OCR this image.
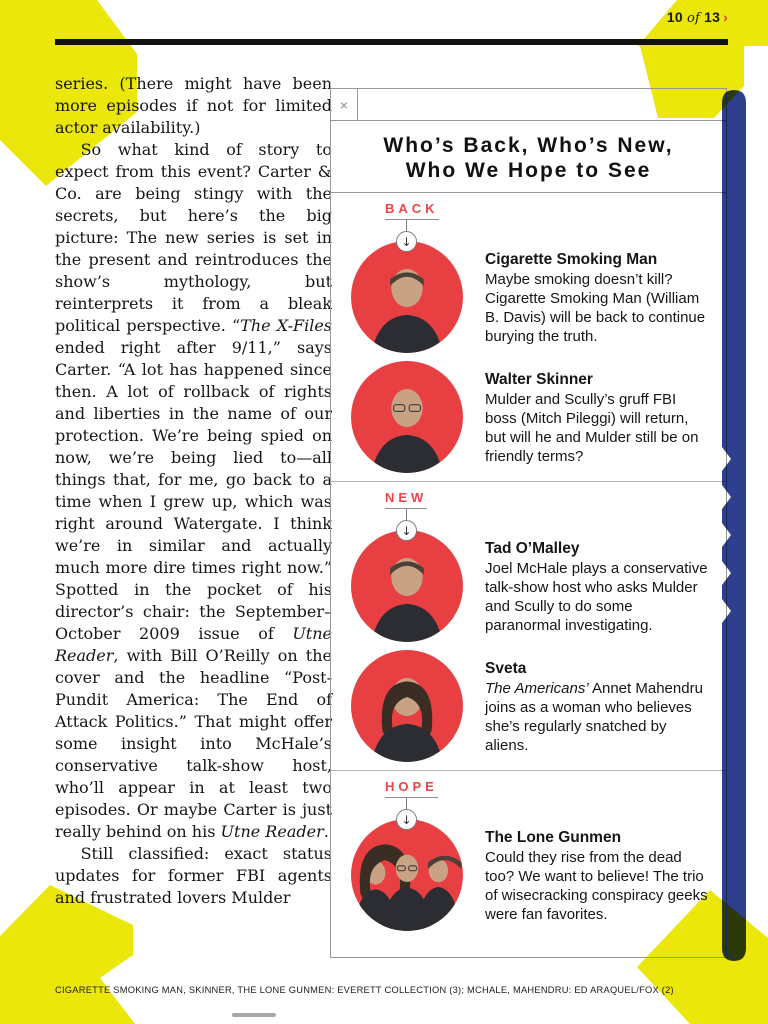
10 of 13 ›

series. (There might have been more episodes if not for limited actor availability.)

So what kind of story to expect from this event? Carter & Co. are being stingy with the secrets, but here’s the big picture: The new series is set in the present and reintroduces the show’s mythology, but reinterprets it from a bleak political perspective. “The X-Files ended right after 9/11,” says Carter. “A lot has happened since then. A lot of rollback of rights and liberties in the name of our protection. We’re being spied on now, we’re being lied to—all things that, for me, go back to a time when I grew up, which was right around Watergate. I think we’re in similar and actually much more dire times right now.” Spotted in the pocket of his director’s chair: the September–October 2009 issue of Utne Reader, with Bill O’Reilly on the cover and the headline “Post-Pundit America: The End of Attack Politics.” That might offer some insight into McHale’s conservative talk-show host, who’ll appear in at least two episodes. Or maybe Carter is just really behind on his Utne Reader.

Still classified: exact status updates for former FBI agents and frustrated lovers Mulder

×
Who’s Back, Who’s New,
Who We Hope to See
BACK
↓
Cigarette Smoking Man
Maybe smoking doesn’t kill? Cigarette Smoking Man (William B. Davis) will be back to continue burying the truth.
Walter Skinner
Mulder and Scully’s gruff FBI boss (Mitch Pileggi) will return, but will he and Mulder still be on friendly terms?
NEW
↓
Tad O’Malley
Joel McHale plays a conservative talk-show host who asks Mulder and Scully to do some paranormal investigating.
Sveta
The Americans’ Annet Mahendru joins as a woman who believes she’s regularly snatched by aliens.
HOPE
↓
The Lone Gunmen
Could they rise from the dead too? We want to believe! The trio of wisecracking conspiracy geeks were fan favorites.
CIGARETTE SMOKING MAN, SKINNER, THE LONE GUNMEN: EVERETT COLLECTION (3); MCHALE, MAHENDRU: ED ARAQUEL/FOX (2)
